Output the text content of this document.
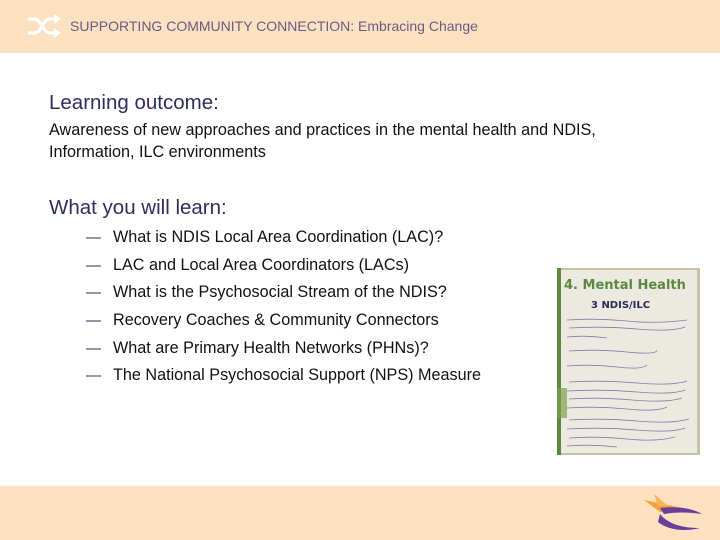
SUPPORTING COMMUNITY CONNECTION: Embracing Change
Learning outcome:
Awareness of new approaches and practices in the mental health and NDIS, Information, ILC environments
What you will learn:
— What is NDIS Local Area Coordination (LAC)?
— LAC and Local Area Coordinators (LACs)
— What is the Psychosocial Stream of the NDIS?
— Recovery Coaches & Community Connectors
— What are Primary Health Networks (PHNs)?
— The National Psychosocial Support (NPS) Measure
4. Mental Health
3 NDIS/ILC
